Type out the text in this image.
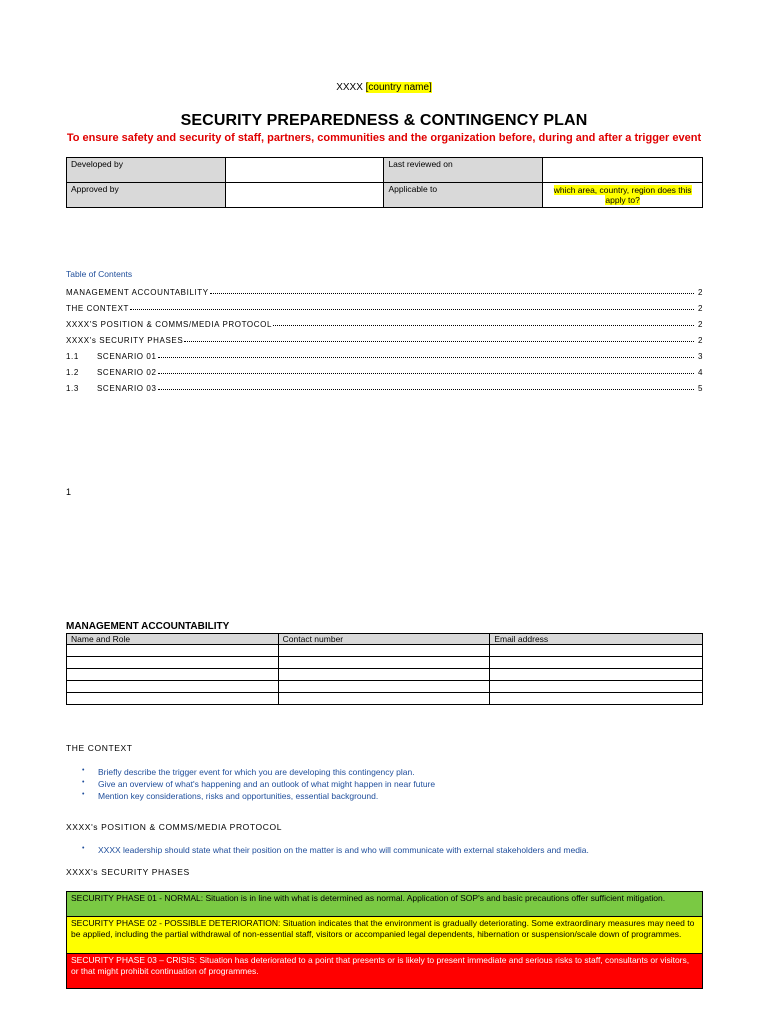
XXXX [country name]
SECURITY PREPAREDNESS & CONTINGENCY PLAN
To ensure safety and security of staff, partners, communities and the organization before, during and after a trigger event
Developed by		Last reviewed on	
Approved by		Applicable to	which area, country, region does this apply to?
Table of Contents
MANAGEMENT ACCOUNTABILITY	2
THE CONTEXT	2
XXXX'S POSITION & COMMS/MEDIA PROTOCOL	2
XXXX's SECURITY PHASES	2
1.1	SCENARIO 01	3
1.2	SCENARIO 02	4
1.3	SCENARIO 03	5
1
MANAGEMENT ACCOUNTABILITY
Name and Role	Contact number	Email address

THE CONTEXT
• Briefly describe the trigger event for which you are developing this contingency plan.
• Give an overview of what's happening and an outlook of what might happen in near future
• Mention key considerations, risks and opportunities, essential background.
XXXX's POSITION & COMMS/MEDIA PROTOCOL
• XXXX leadership should state what their position on the matter is and who will communicate with external stakeholders and media.
XXXX's SECURITY PHASES
SECURITY PHASE 01 - NORMAL: Situation is in line with what is determined as normal. Application of SOP's and basic precautions offer sufficient mitigation.
SECURITY PHASE 02 - POSSIBLE DETERIORATION: Situation indicates that the environment is gradually deteriorating. Some extraordinary measures may need to be applied, including the partial withdrawal of non-essential staff, visitors or accompanied legal dependents, hibernation or suspension/scale down of programmes.
SECURITY PHASE 03 – CRISIS: Situation has deteriorated to a point that presents or is likely to present immediate and serious risks to staff, consultants or visitors, or that might prohibit continuation of programmes.
